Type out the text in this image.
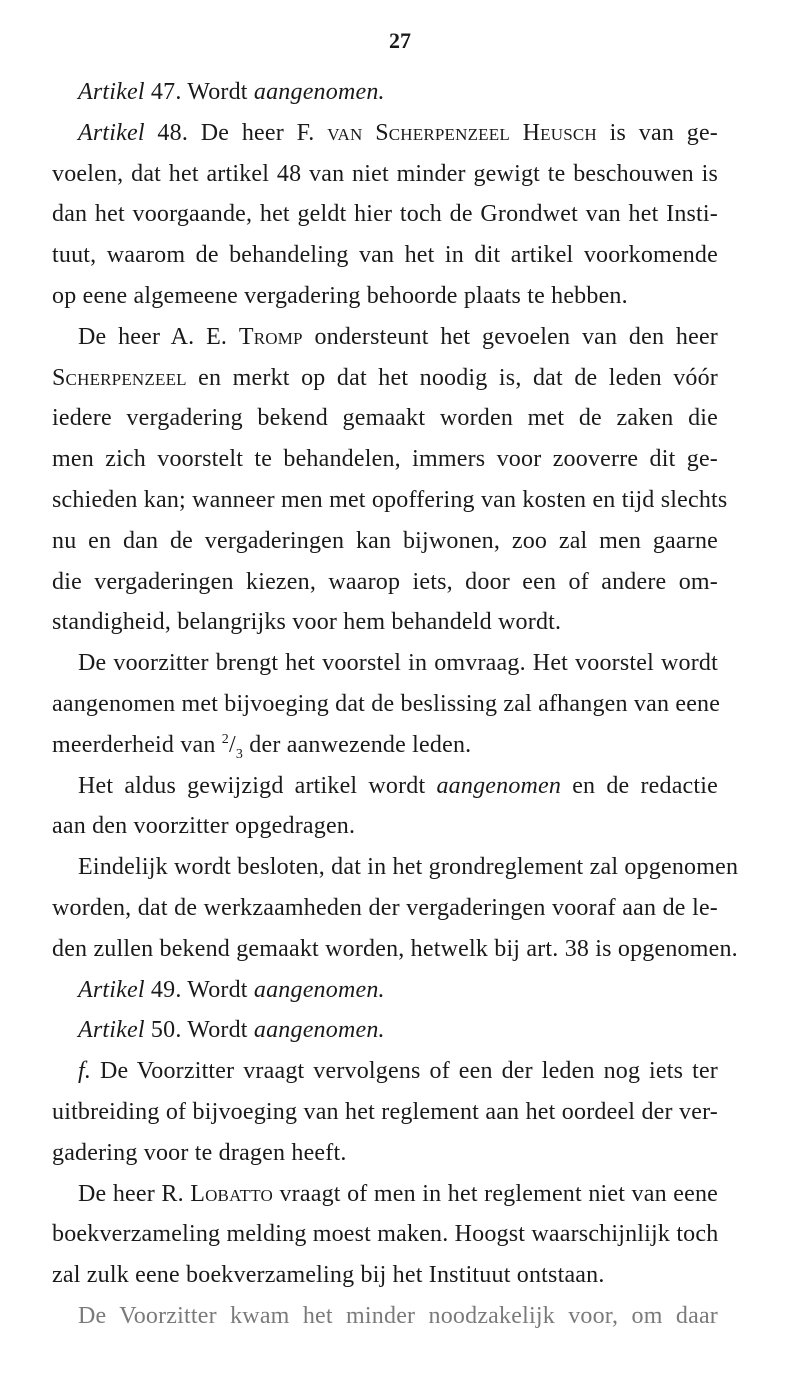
27
Artikel 47. Wordt aangenomen.
Artikel 48. De heer F. van Scherpenzeel Heusch is van ge-
voelen, dat het artikel 48 van niet minder gewigt te beschouwen is
dan het voorgaande, het geldt hier toch de Grondwet van het Insti-
tuut, waarom de behandeling van het in dit artikel voorkomende
op eene algemeene vergadering behoorde plaats te hebben.
De heer A. E. Tromp ondersteunt het gevoelen van den heer
Scherpenzeel en merkt op dat het noodig is, dat de leden vóór
iedere vergadering bekend gemaakt worden met de zaken die
men zich voorstelt te behandelen, immers voor zooverre dit ge-
schieden kan; wanneer men met opoffering van kosten en tijd slechts
nu en dan de vergaderingen kan bijwonen, zoo zal men gaarne
die vergaderingen kiezen, waarop iets, door een of andere om-
standigheid, belangrijks voor hem behandeld wordt.
De voorzitter brengt het voorstel in omvraag. Het voorstel wordt
aangenomen met bijvoeging dat de beslissing zal afhangen van eene
meerderheid van $^2/_3$ der aanwezende leden.
Het aldus gewijzigd artikel wordt aangenomen en de redactie
aan den voorzitter opgedragen.
Eindelijk wordt besloten, dat in het grondreglement zal opgenomen
worden, dat de werkzaamheden der vergaderingen vooraf aan de le-
den zullen bekend gemaakt worden, hetwelk bij art. 38 is opgenomen.
Artikel 49. Wordt aangenomen.
Artikel 50. Wordt aangenomen.
f. De Voorzitter vraagt vervolgens of een der leden nog iets ter
uitbreiding of bijvoeging van het reglement aan het oordeel der ver-
gadering voor te dragen heeft.
De heer R. Lobatto vraagt of men in het reglement niet van eene
boekverzameling melding moest maken. Hoogst waarschijnlijk toch
zal zulk eene boekverzameling bij het Instituut ontstaan.
De Voorzitter kwam het minder noodzakelijk voor, om daar
